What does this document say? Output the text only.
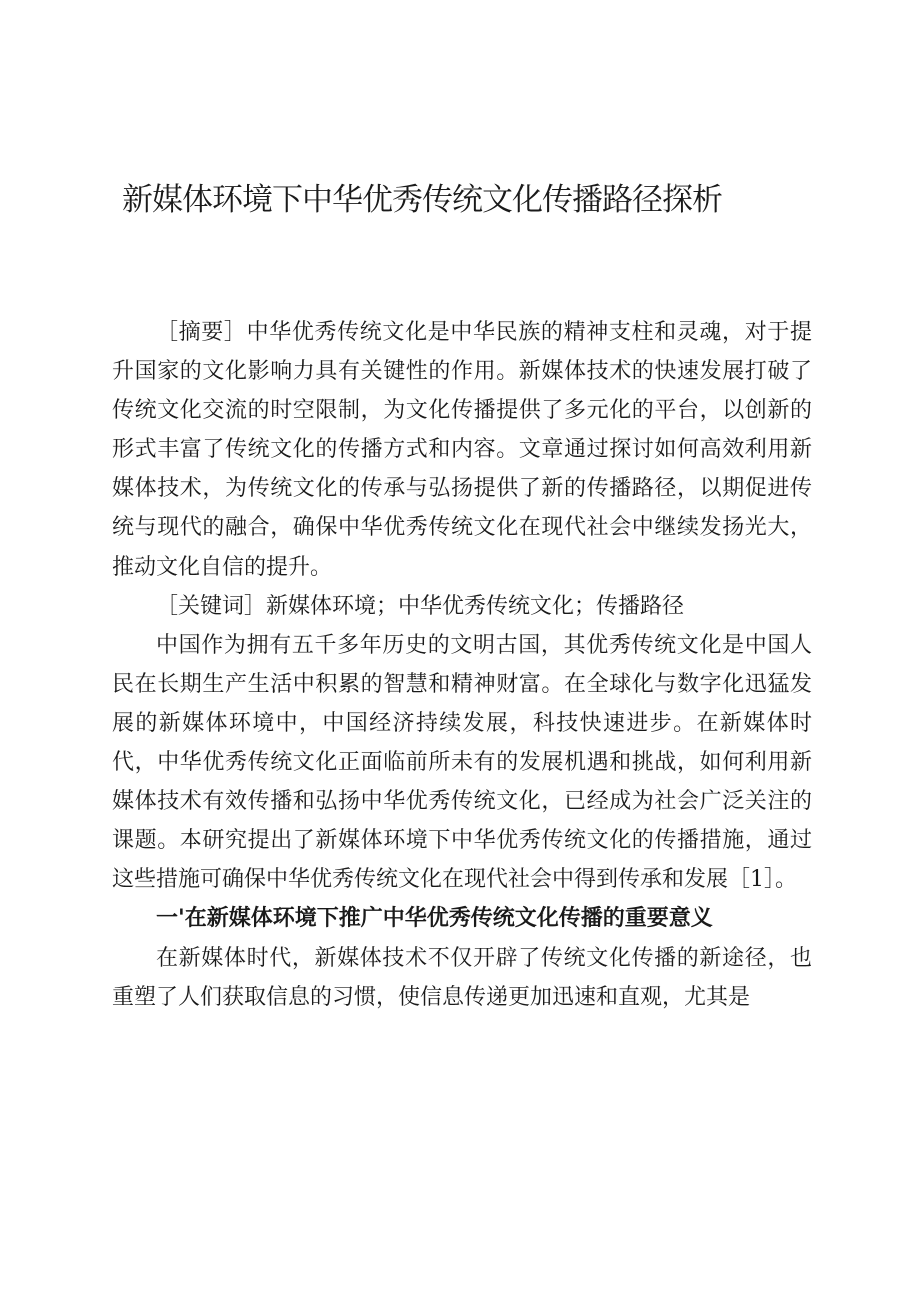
新媒体环境下中华优秀传统文化传播路径探析

［摘要］中华优秀传统文化是中华民族的精神支柱和灵魂，对于提升国家的文化影响力具有关键性的作用。新媒体技术的快速发展打破了传统文化交流的时空限制，为文化传播提供了多元化的平台，以创新的形式丰富了传统文化的传播方式和内容。文章通过探讨如何高效利用新媒体技术，为传统文化的传承与弘扬提供了新的传播路径，以期促进传统与现代的融合，确保中华优秀传统文化在现代社会中继续发扬光大，推动文化自信的提升。

［关键词］新媒体环境；中华优秀传统文化；传播路径

中国作为拥有五千多年历史的文明古国，其优秀传统文化是中国人民在长期生产生活中积累的智慧和精神财富。在全球化与数字化迅猛发展的新媒体环境中，中国经济持续发展，科技快速进步。在新媒体时代，中华优秀传统文化正面临前所未有的发展机遇和挑战，如何利用新媒体技术有效传播和弘扬中华优秀传统文化，已经成为社会广泛关注的课题。本研究提出了新媒体环境下中华优秀传统文化的传播措施，通过这些措施可确保中华优秀传统文化在现代社会中得到传承和发展［1］。

一'在新媒体环境下推广中华优秀传统文化传播的重要意义

在新媒体时代，新媒体技术不仅开辟了传统文化传播的新途径，也重塑了人们获取信息的习惯，使信息传递更加迅速和直观，尤其是
